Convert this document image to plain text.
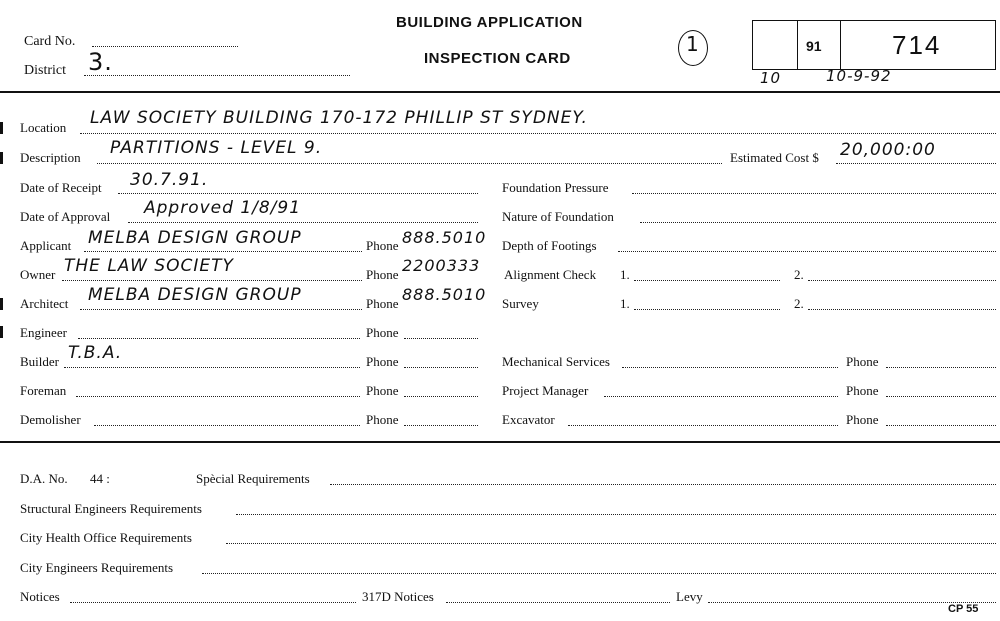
Card No.
District 3.
BUILDING APPLICATION
INSPECTION CARD
1	91	714
10	10-9-92
Location LAW SOCIETY BUILDING 170-172 PHILLIP ST SYDNEY.
Description PARTITIONS - LEVEL 9.	Estimated Cost $ 20,000:00
Date of Receipt 30.7.91.	Foundation Pressure
Date of Approval Approved 1/8/91	Nature of Foundation
Applicant MELBA DESIGN GROUP	Phone 888.5010 Depth of Footings
Owner THE LAW SOCIETY	Phone 2200333 Alignment Check 1.	2.
Architect MELBA DESIGN GROUP	Phone 888.5010 Survey	1.	2.
Engineer	Phone
Builder T.B.A.	Phone	Mechanical Services	Phone
Foreman	Phone	Project Manager	Phone
Demolisher	Phone	Excavator	Phone
D.A. No. 44 :	Spècial Requirements
Structural Engineers Requirements
City Health Office Requirements
City Engineers Requirements
Notices	317D Notices	Levy
CP 55
